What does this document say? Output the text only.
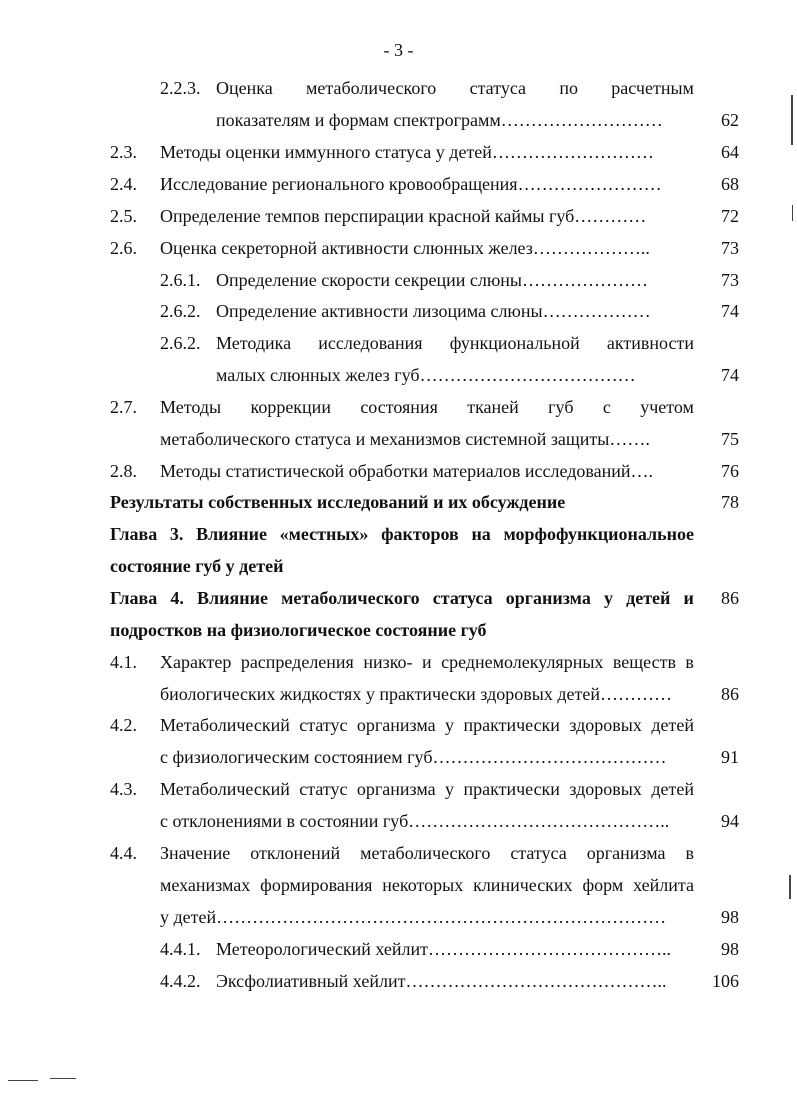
- 3 -
2.2.3. Оценка метаболического статуса по расчетным
показателям и формам спектрограмм………………………	62
2.3. Методы оценки иммунного статуса у детей………………………	64
2.4. Исследование регионального кровообращения……………………	68
2.5. Определение темпов перспирации красной каймы губ…………	72
2.6. Оценка секреторной активности слюнных желез………………..	73
2.6.1. Определение скорости секреции слюны…………………	73
2.6.2. Определение активности лизоцима слюны………………	74
2.6.2. Методика исследования функциональной активности
малых слюнных желез губ………………………………	74
2.7. Методы коррекции состояния тканей губ с учетом
метаболического статуса и механизмов системной защиты…….	75
2.8. Методы статистической обработки материалов исследований….	76
Результаты собственных исследований и их обсуждение	78
Глава 3. Влияние «местных» факторов на морфофункциональное
состояние губ у детей
Глава 4. Влияние метаболического статуса организма у детей и 86
подростков на физиологическое состояние губ
4.1. Характер распределения низко- и среднемолекулярных веществ в
биологических жидкостях у практически здоровых детей…………	86
4.2. Метаболический статус организма у практически здоровых детей
с физиологическим состоянием губ…………………………………	91
4.3. Метаболический статус организма у практически здоровых детей
с отклонениями в состоянии губ……………………………………..	94
4.4. Значение отклонений метаболического статуса организма в
механизмах формирования некоторых клинических форм хейлита
у детей…………………………………………………………………	98
4.4.1. Метеорологический хейлит…………………………………..	98
4.4.2. Эксфолиативный хейлит……………………………………..	106
